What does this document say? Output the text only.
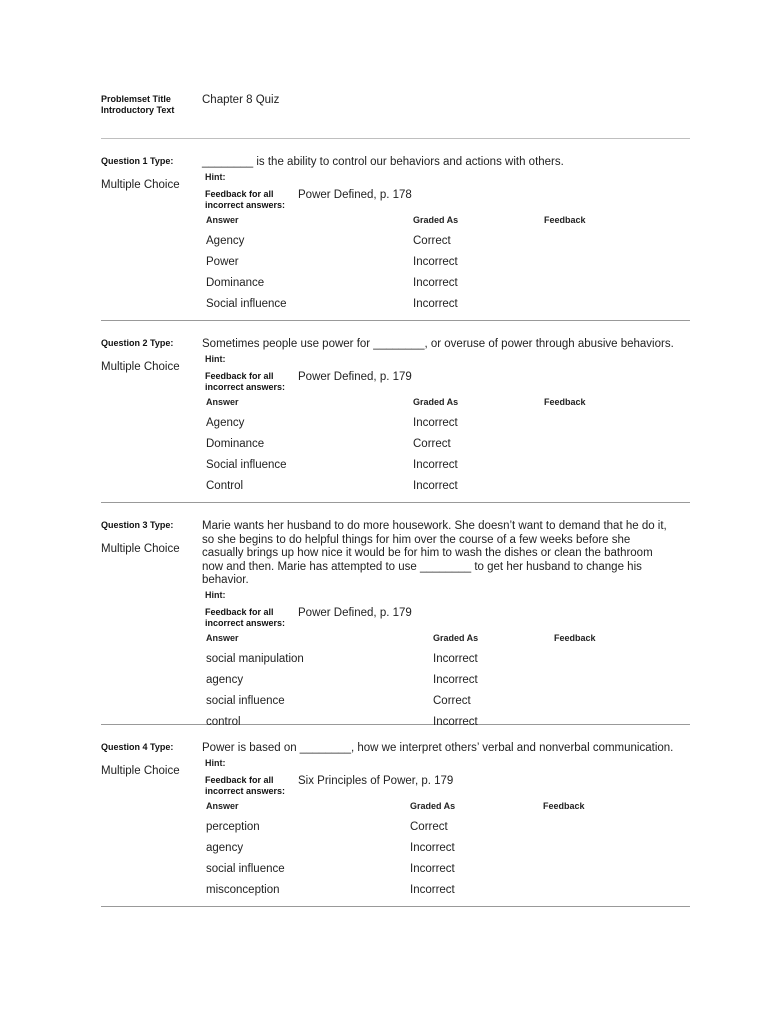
Problemset Title Introductory Text
Chapter 8 Quiz
Question 1 Type:
Multiple Choice
________ is the ability to control our behaviors and actions with others.
Hint:
Feedback for all incorrect answers:
Power Defined, p. 178
Answer	Graded As	Feedback
Agency	Correct
Power	Incorrect
Dominance	Incorrect
Social influence	Incorrect
Question 2 Type:
Multiple Choice
Sometimes people use power for ________, or overuse of power through abusive behaviors.
Hint:
Feedback for all incorrect answers:
Power Defined, p. 179
Answer	Graded As	Feedback
Agency	Incorrect
Dominance	Correct
Social influence	Incorrect
Control	Incorrect
Question 3 Type:
Multiple Choice
Marie wants her husband to do more housework. She doesn’t want to demand that he do it, so she begins to do helpful things for him over the course of a few weeks before she casually brings up how nice it would be for him to wash the dishes or clean the bathroom now and then. Marie has attempted to use ________ to get her husband to change his behavior.
Hint:
Feedback for all incorrect answers:
Power Defined, p. 179
Answer	Graded As	Feedback
social manipulation	Incorrect
agency	Incorrect
social influence	Correct
control	Incorrect
Question 4 Type:
Multiple Choice
Power is based on ________, how we interpret others’ verbal and nonverbal communication.
Hint:
Feedback for all incorrect answers:
Six Principles of Power, p. 179
Answer	Graded As	Feedback
perception	Correct
agency	Incorrect
social influence	Incorrect
misconception	Incorrect
